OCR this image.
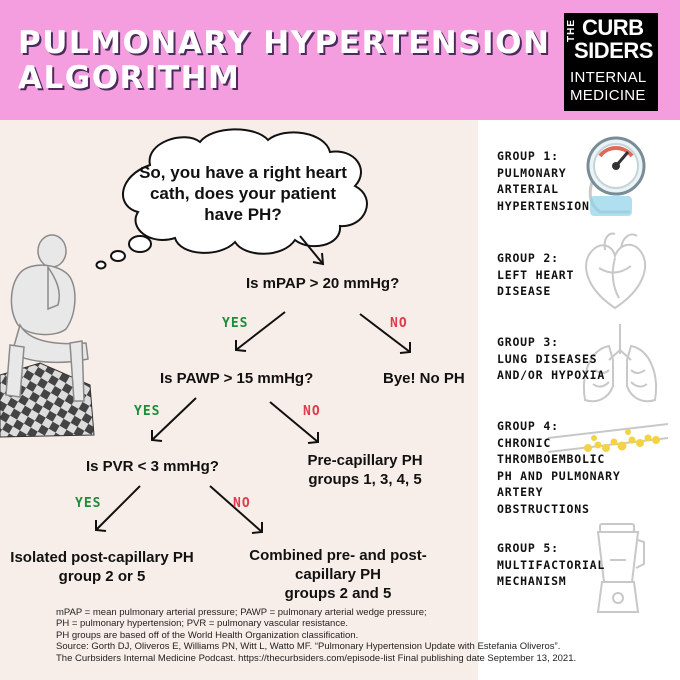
PULMONARY HYPERTENSION
ALGORITHM
THE CURB
SIDERS
INTERNAL
MEDICINE
GROUP 1:
PULMONARY
ARTERIAL
HYPERTENSION
GROUP 2:
LEFT HEART
DISEASE
GROUP 3:
LUNG DISEASES
AND/OR HYPOXIA
GROUP 4:
CHRONIC
THROMBOEMBOLIC
PH AND PULMONARY
ARTERY
OBSTRUCTIONS
GROUP 5:
MULTIFACTORIAL
MECHANISM
So, you have a right heart cath, does your patient have PH?
Is mPAP > 20 mmHg?
YES	NO
Bye! No PH
Is PAWP > 15 mmHg?
YES	NO
Pre-capillary PH
groups 1, 3, 4, 5
Is PVR < 3 mmHg?
YES	NO
Isolated post-capillary PH
group 2 or 5
Combined pre- and post-
capillary PH
groups 2 and 5
mPAP = mean pulmonary arterial pressure; PAWP = pulmonary arterial wedge pressure;
PH = pulmonary hypertension; PVR = pulmonary vascular resistance.
PH groups are based off of the World Health Organization classification.
Source: Gorth DJ, Oliveros E, Williams PN, Witt L, Watto MF. “Pulmonary Hypertension Update with Estefania Oliveros”.
The Curbsiders Internal Medicine Podcast. https://thecurbsiders.com/episode-list Final publishing date September 13, 2021.
